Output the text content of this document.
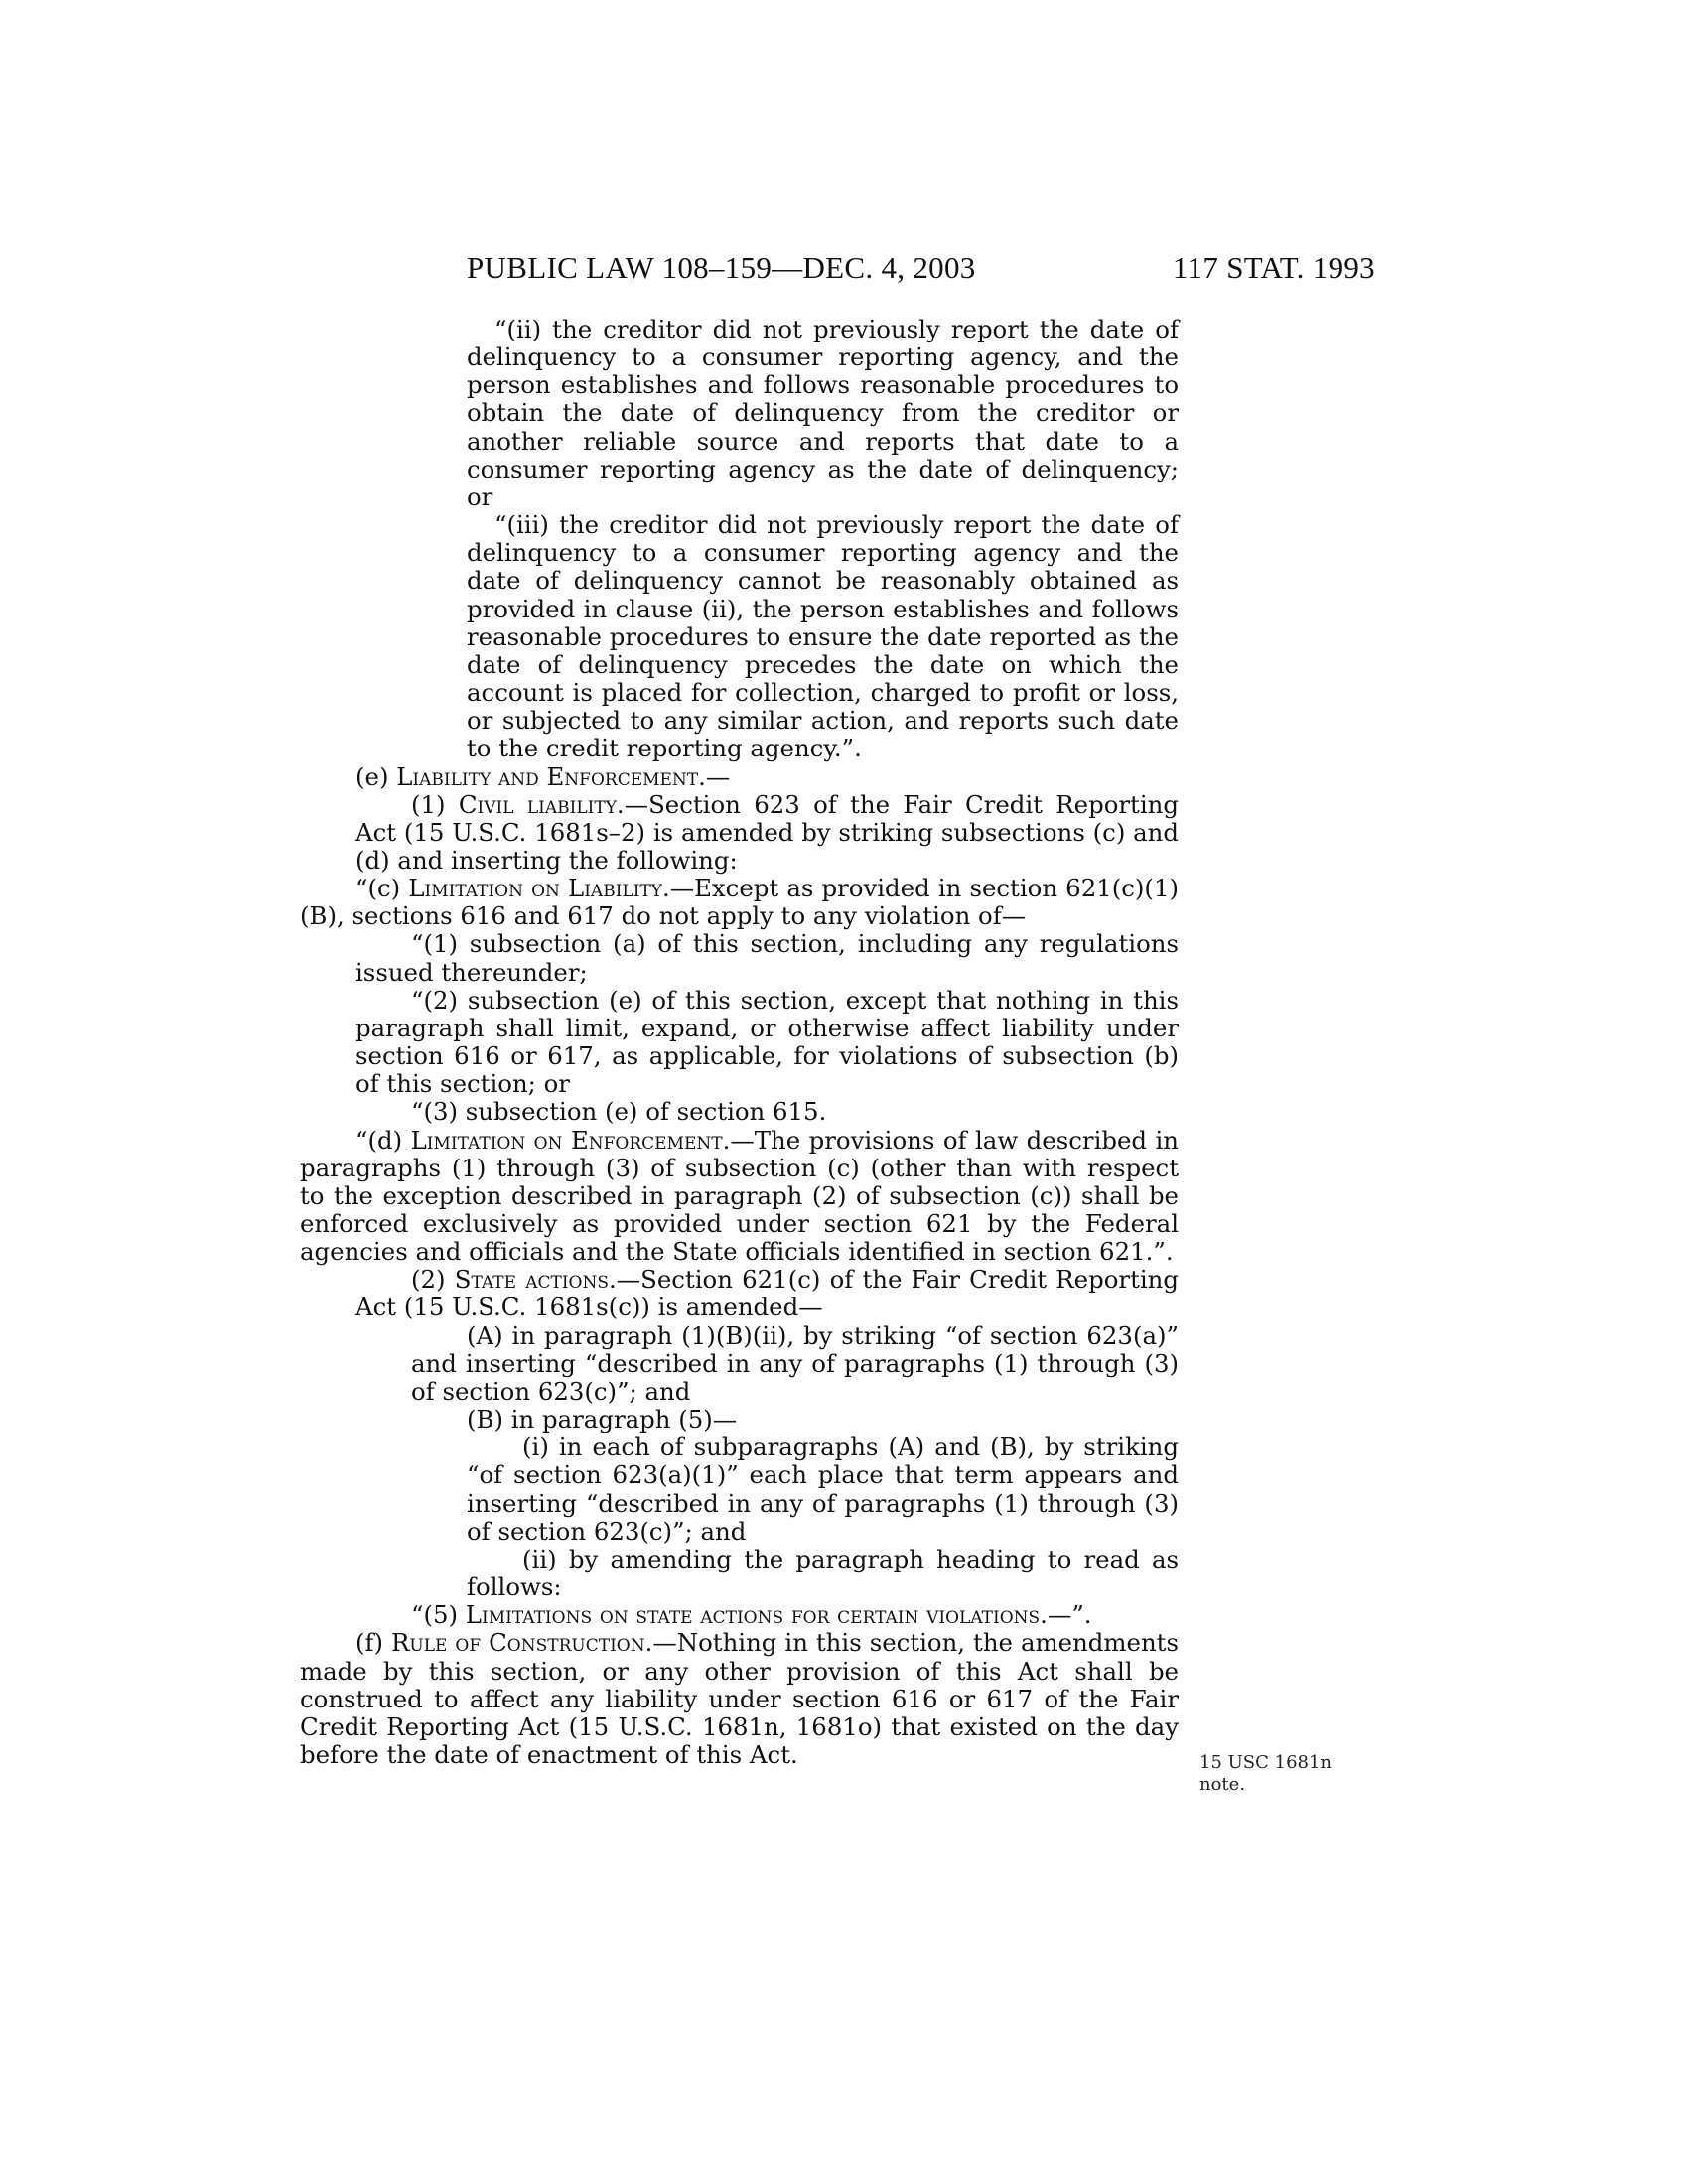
PUBLIC LAW 108–159—DEC. 4, 2003	117 STAT. 1993

“(ii) the creditor did not previously report the date of delinquency to a consumer reporting agency, and the person establishes and follows reasonable procedures to obtain the date of delinquency from the creditor or another reliable source and reports that date to a consumer reporting agency as the date of delinquency; or

“(iii) the creditor did not previously report the date of delinquency to a consumer reporting agency and the date of delinquency cannot be reasonably obtained as provided in clause (ii), the person establishes and follows reasonable procedures to ensure the date reported as the date of delinquency precedes the date on which the account is placed for collection, charged to profit or loss, or subjected to any similar action, and reports such date to the credit reporting agency.”.

(e) Liability and Enforcement.—

(1) Civil liability.—Section 623 of the Fair Credit Reporting Act (15 U.S.C. 1681s–2) is amended by striking subsections (c) and (d) and inserting the following:

“(c) Limitation on Liability.—Except as provided in section 621(c)(1)(B), sections 616 and 617 do not apply to any violation of—

“(1) subsection (a) of this section, including any regulations issued thereunder;

“(2) subsection (e) of this section, except that nothing in this paragraph shall limit, expand, or otherwise affect liability under section 616 or 617, as applicable, for violations of subsection (b) of this section; or

“(3) subsection (e) of section 615.

“(d) Limitation on Enforcement.—The provisions of law described in paragraphs (1) through (3) of subsection (c) (other than with respect to the exception described in paragraph (2) of subsection (c)) shall be enforced exclusively as provided under section 621 by the Federal agencies and officials and the State officials identified in section 621.”.

(2) State actions.—Section 621(c) of the Fair Credit Reporting Act (15 U.S.C. 1681s(c)) is amended—

(A) in paragraph (1)(B)(ii), by striking “of section 623(a)” and inserting “described in any of paragraphs (1) through (3) of section 623(c)”; and

(B) in paragraph (5)—

(i) in each of subparagraphs (A) and (B), by striking “of section 623(a)(1)” each place that term appears and inserting “described in any of paragraphs (1) through (3) of section 623(c)”; and

(ii) by amending the paragraph heading to read as follows:

“(5) Limitations on state actions for certain violations.—”.

(f) Rule of Construction.—Nothing in this section, the amendments made by this section, or any other provision of this Act shall be construed to affect any liability under section 616 or 617 of the Fair Credit Reporting Act (15 U.S.C. 1681n, 1681o) that existed on the day before the date of enactment of this Act.	15 USC 1681n
note.
